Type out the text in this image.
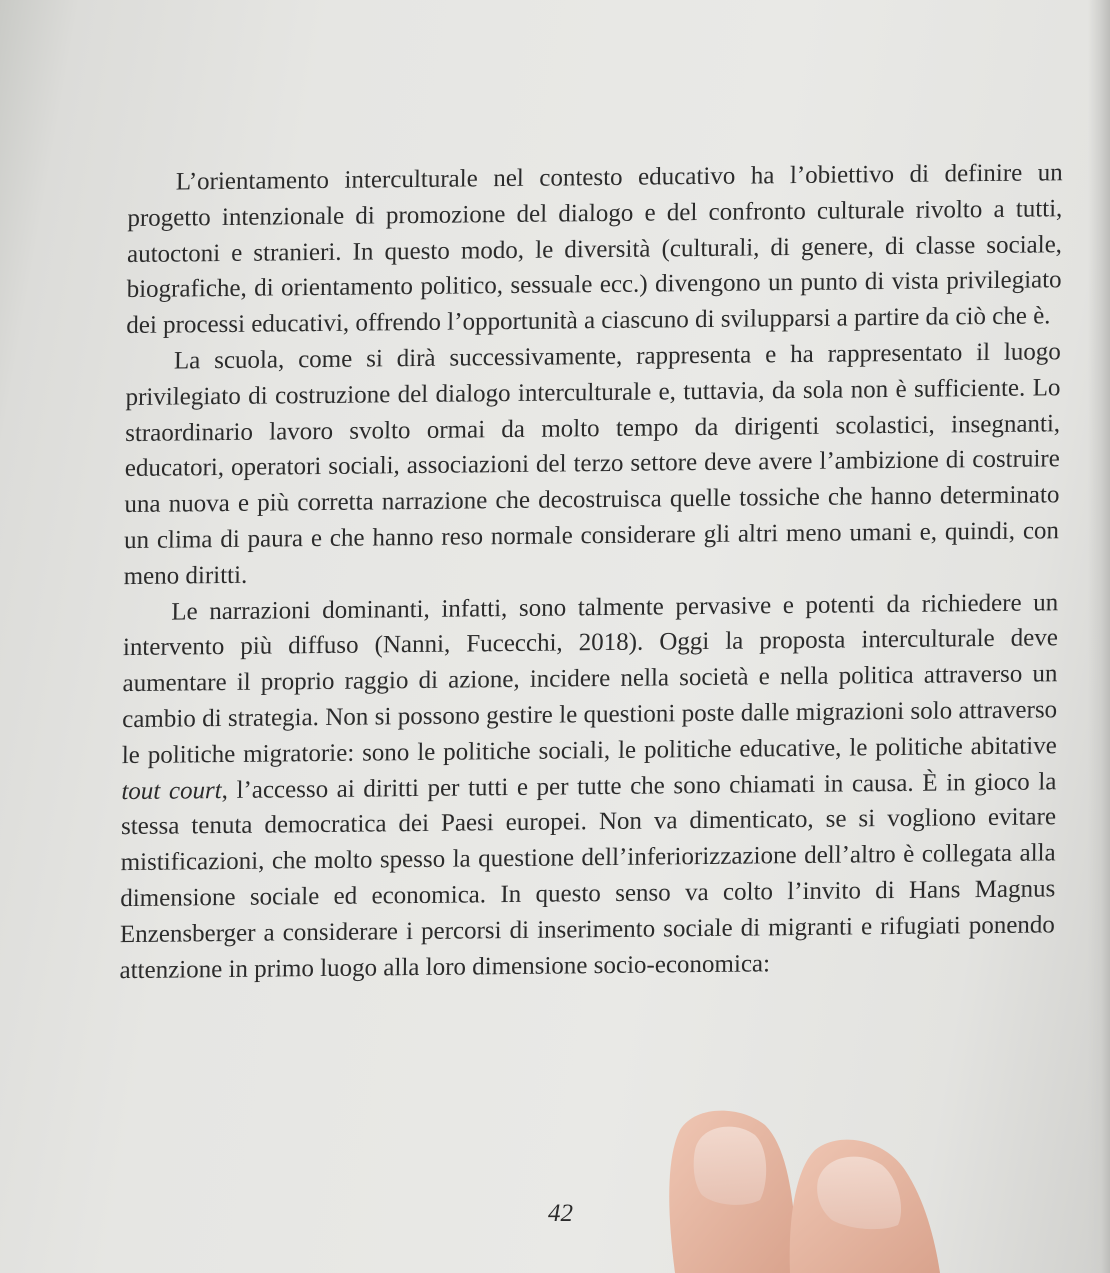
L’orientamento interculturale nel contesto educativo ha l’obiettivo di definire un progetto intenzionale di promozione del dialogo e del confronto culturale rivolto a tutti, autoctoni e stranieri. In questo modo, le diversità (culturali, di genere, di classe sociale, biografiche, di orientamento politico, sessuale ecc.) divengono un punto di vista privilegiato dei processi educativi, offrendo l’opportunità a ciascuno di svilupparsi a partire da ciò che è.

La scuola, come si dirà successivamente, rappresenta e ha rappresentato il luogo privilegiato di costruzione del dialogo interculturale e, tuttavia, da sola non è sufficiente. Lo straordinario lavoro svolto ormai da molto tempo da dirigenti scolastici, insegnanti, educatori, operatori sociali, associazioni del terzo settore deve avere l’ambizione di costruire una nuova e più corretta narrazione che decostruisca quelle tossiche che hanno determinato un clima di paura e che hanno reso normale considerare gli altri meno umani e, quindi, con meno diritti.

Le narrazioni dominanti, infatti, sono talmente pervasive e potenti da richiedere un intervento più diffuso (Nanni, Fucecchi, 2018). Oggi la proposta interculturale deve aumentare il proprio raggio di azione, incidere nella società e nella politica attraverso un cambio di strategia. Non si possono gestire le questioni poste dalle migrazioni solo attraverso le politiche migratorie: sono le politiche sociali, le politiche educative, le politiche abitative tout court, l’accesso ai diritti per tutti e per tutte che sono chiamati in causa. È in gioco la stessa tenuta democratica dei Paesi europei. Non va dimenticato, se si vogliono evitare mistificazioni, che molto spesso la questione dell’inferiorizzazione dell’altro è collegata alla dimensione sociale ed economica. In questo senso va colto l’invito di Hans Magnus Enzensberger a considerare i percorsi di inserimento sociale di migranti e rifugiati ponendo attenzione in primo luogo alla loro dimensione socio-economica:

42
